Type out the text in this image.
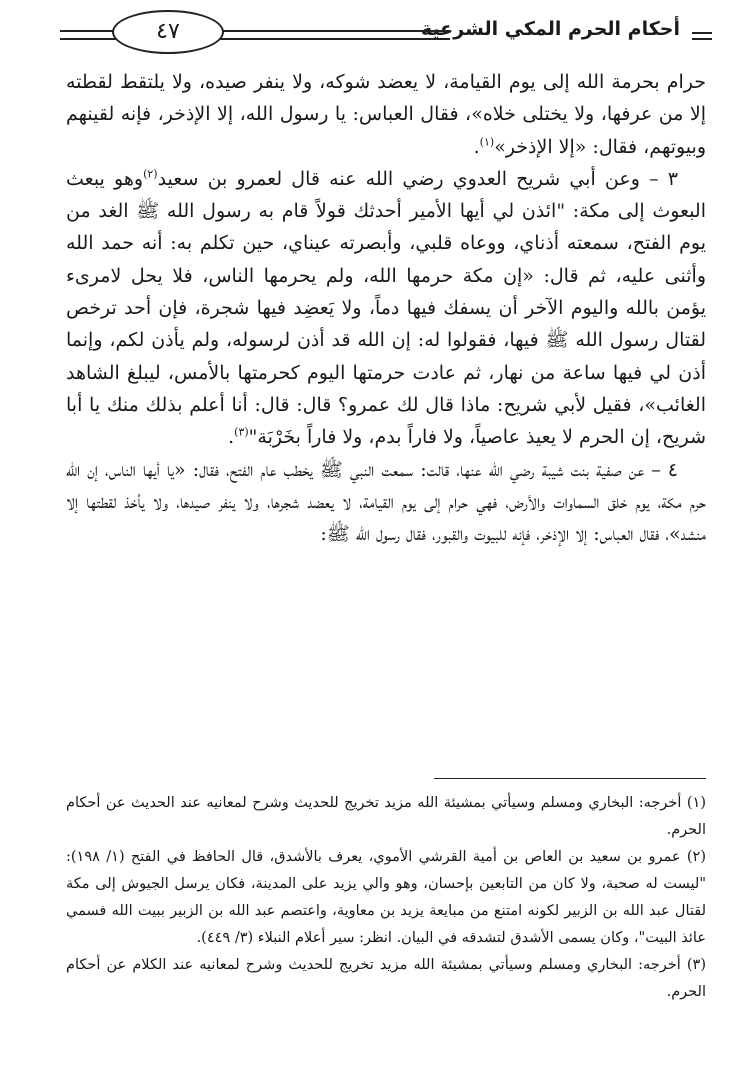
أحكام الحرم المكي الشرعية
٤٧

حرام بحرمة الله إلى يوم القيامة، لا يعضد شوكه، ولا ينفر صيده، ولا يلتقط لقطته إلا من عرفها، ولا يختلى خلاه»، فقال العباس: يا رسول الله، إلا الإذخر، فإنه لقينهم وبيوتهم، فقال: «إلا الإذخر»$^{(١)}$.

٣ – وعن أبي شريح العدوي رضي الله عنه قال لعمرو بن سعيد$^{(٢)}$وهو يبعث البعوث إلى مكة: "ائذن لي أيها الأمير أحدثك قولاً قام به رسول الله ﷺ الغد من يوم الفتح، سمعته أذناي، ووعاه قلبي، وأبصرته عيناي، حين تكلم به: أنه حمد الله وأثنى عليه، ثم قال: «إن مكة حرمها الله، ولم يحرمها الناس، فلا يحل لامرىء يؤمن بالله واليوم الآخر أن يسفك فيها دماً، ولا يَعضِد فيها شجرة، فإن أحد ترخص لقتال رسول الله ﷺ فيها، فقولوا له: إن الله قد أذن لرسوله، ولم يأذن لكم، وإنما أذن لي فيها ساعة من نهار، ثم عادت حرمتها اليوم كحرمتها بالأمس، ليبلغ الشاهد الغائب»، فقيل لأبي شريح: ماذا قال لك عمرو؟ قال: قال: أنا أعلم بذلك منك يا أبا شريح، إن الحرم لا يعيذ عاصياً، ولا فاراً بدم، ولا فاراً بخَرْبَة"$^{(٣)}$.

٤ – عن صفية بنت شيبة رضي الله عنها، قالت: سمعت النبي ﷺ يخطب عام الفتح، فقال: «يا أيها الناس، إن الله حرم مكة، يوم خلق السماوات والأرض، فهي حرام إلى يوم القيامة، لا يعضد شجرها، ولا ينفر صيدها، ولا يأخذ لقطتها إلا منشد»، فقال العباس: إلا الإذخر، فإنه للبيوت والقبور، فقال رسول الله ﷺ:

(١) أخرجه: البخاري ومسلم وسيأتي بمشيئة الله مزيد تخريج للحديث وشرح لمعانيه عند الحديث عن أحكام الحرم.

(٢) عمرو بن سعيد بن العاص بن أمية القرشي الأموي، يعرف بالأشدق، قال الحافظ في الفتح (١/ ١٩٨): "ليست له صحبة، ولا كان من التابعين بإحسان، وهو والي يزيد على المدينة، فكان يرسل الجيوش إلى مكة لقتال عبد الله بن الزبير لكونه امتنع من مبايعة يزيد بن معاوية، واعتصم عبد الله بن الزبير ببيت الله فسمي عائذ البيت"، وكان يسمى الأشدق لتشدقه في البيان. انظر: سير أعلام النبلاء (٣/ ٤٤٩).

(٣) أخرجه: البخاري ومسلم وسيأتي بمشيئة الله مزيد تخريج للحديث وشرح لمعانيه عند الكلام عن أحكام الحرم.
